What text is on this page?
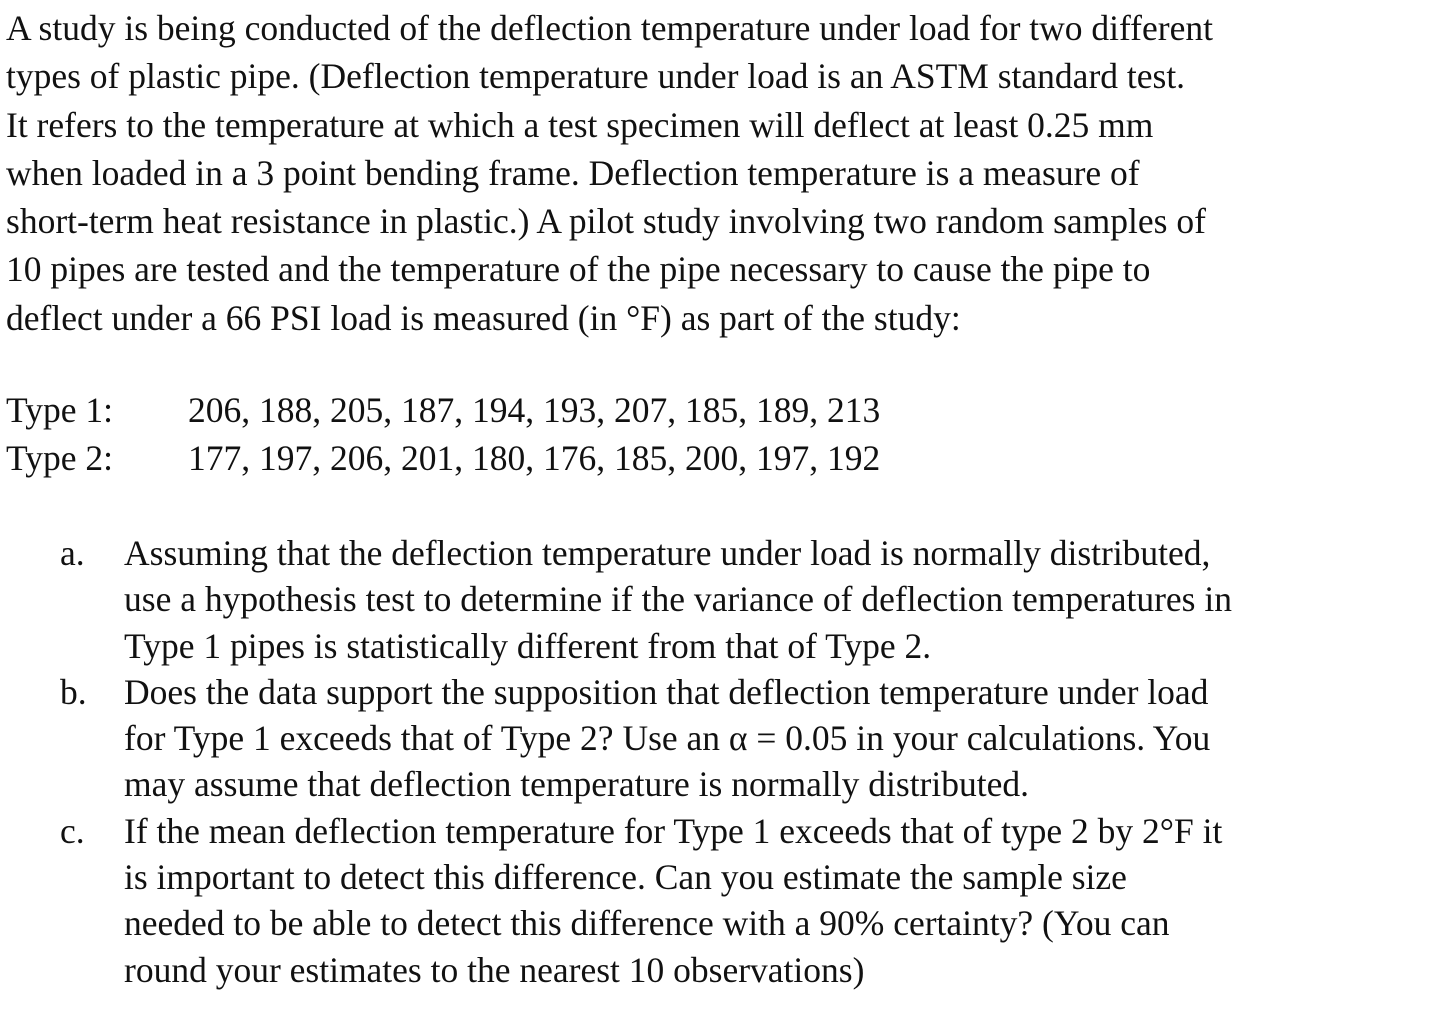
A study is being conducted of the deflection temperature under load for two different
types of plastic pipe. (Deflection temperature under load is an ASTM standard test.
It refers to the temperature at which a test specimen will deflect at least 0.25 mm
when loaded in a 3 point bending frame. Deflection temperature is a measure of
short-term heat resistance in plastic.) A pilot study involving two random samples of
10 pipes are tested and the temperature of the pipe necessary to cause the pipe to
deflect under a 66 PSI load is measured (in °F) as part of the study:
Type 1:	206, 188, 205, 187, 194, 193, 207, 185, 189, 213
Type 2:	177, 197, 206, 201, 180, 176, 185, 200, 197, 192
a.	Assuming that the deflection temperature under load is normally distributed,
use a hypothesis test to determine if the variance of deflection temperatures in
Type 1 pipes is statistically different from that of Type 2.
b.	Does the data support the supposition that deflection temperature under load
for Type 1 exceeds that of Type 2? Use an α = 0.05 in your calculations. You
may assume that deflection temperature is normally distributed.
c.	If the mean deflection temperature for Type 1 exceeds that of type 2 by 2°F it
is important to detect this difference. Can you estimate the sample size
needed to be able to detect this difference with a 90% certainty? (You can
round your estimates to the nearest 10 observations)
